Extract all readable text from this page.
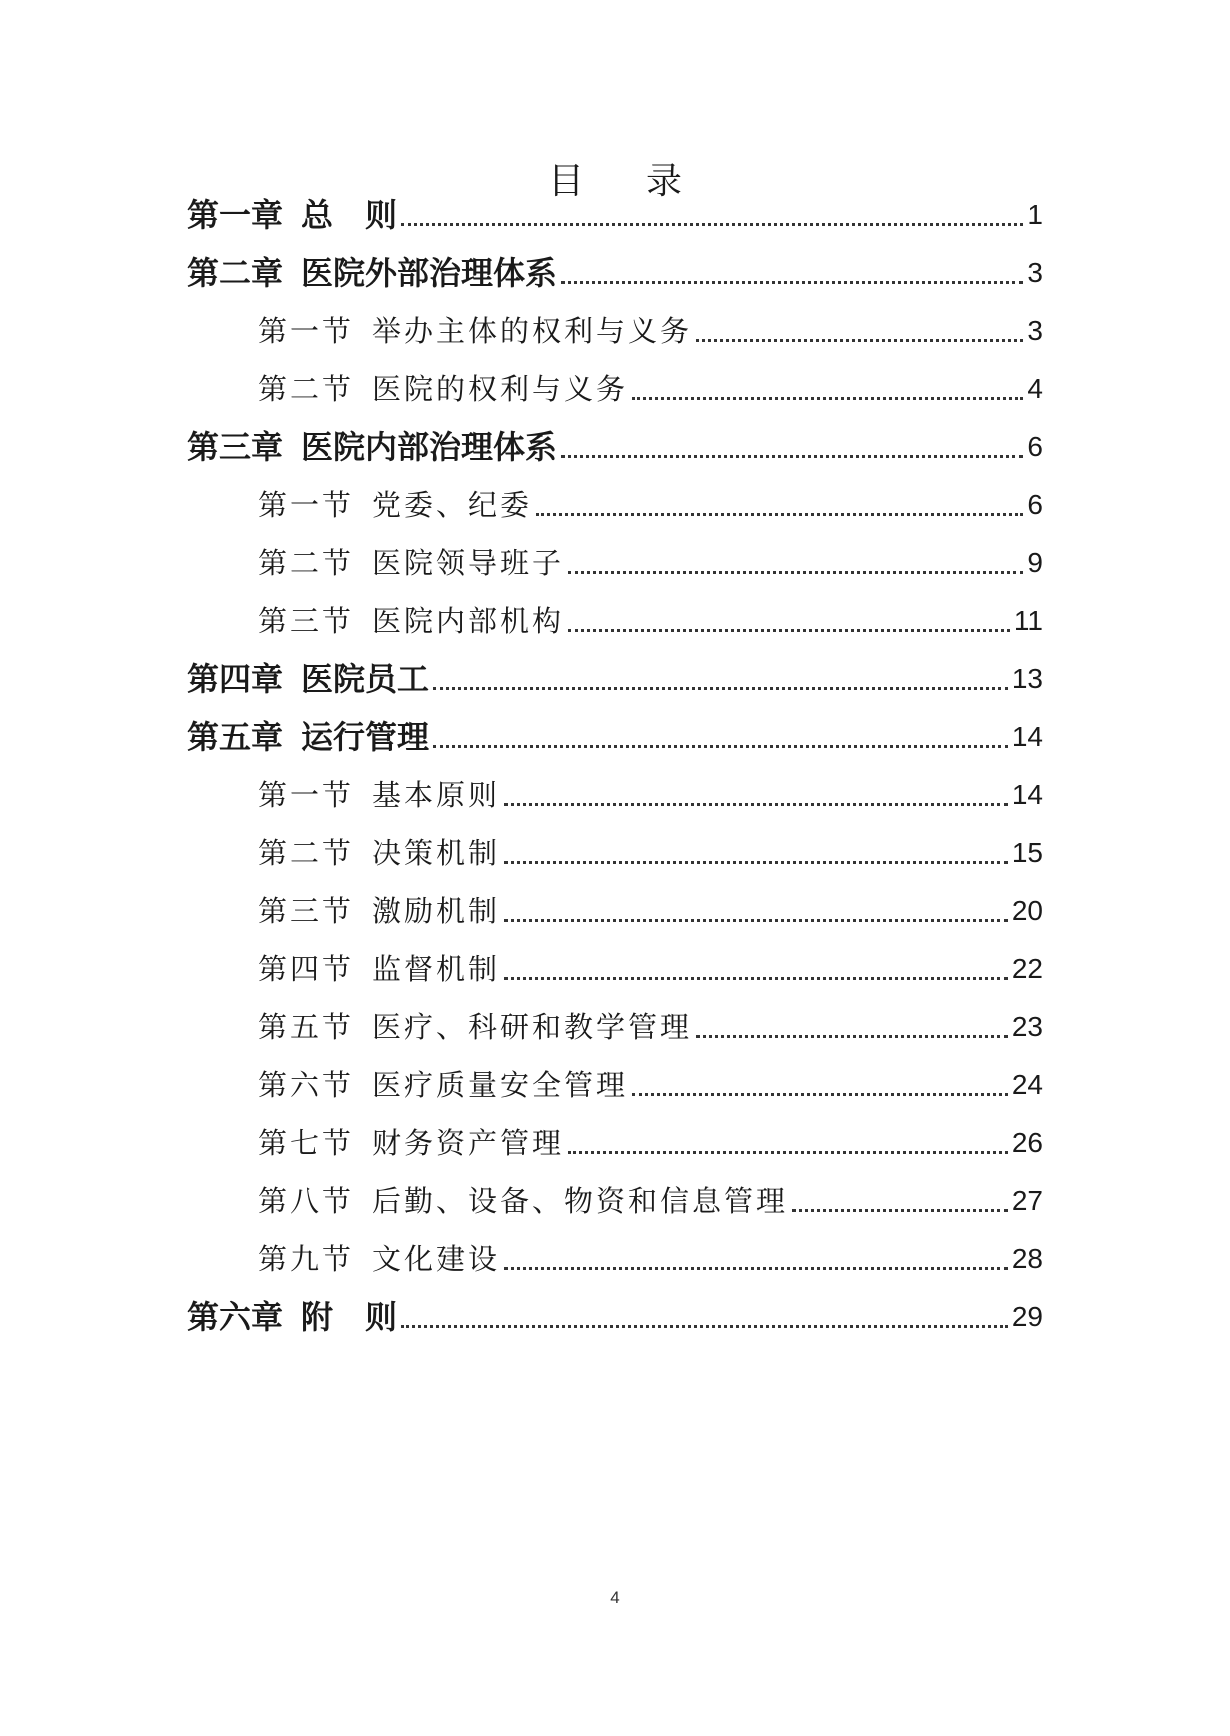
目录
第一章 总　则	1
第二章 医院外部治理体系	3
第一节 举办主体的权利与义务	3
第二节 医院的权利与义务	4
第三章 医院内部治理体系	6
第一节 党委、纪委	6
第二节 医院领导班子	9
第三节 医院内部机构	11
第四章 医院员工	13
第五章 运行管理	14
第一节 基本原则	14
第二节 决策机制	15
第三节 激励机制	20
第四节 监督机制	22
第五节 医疗、科研和教学管理	23
第六节 医疗质量安全管理	24
第七节 财务资产管理	26
第八节 后勤、设备、物资和信息管理	27
第九节 文化建设	28
第六章 附　则	29
4
